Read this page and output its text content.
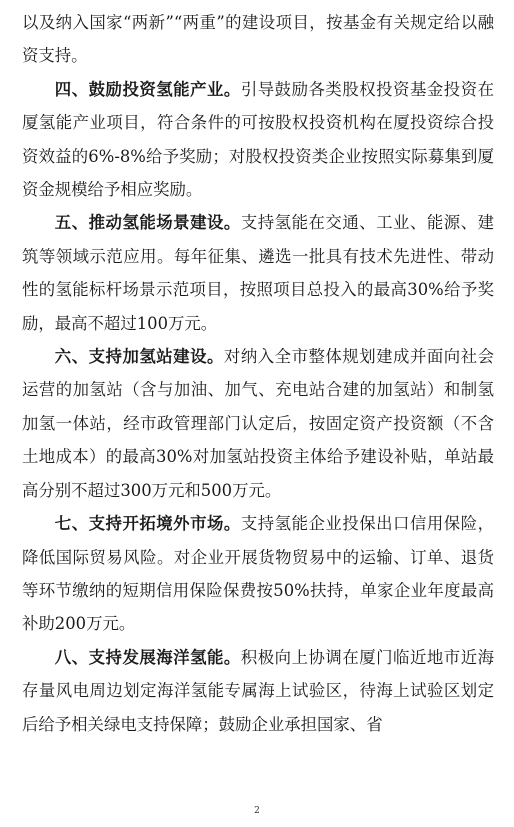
以及纳入国家“两新”“两重”的建设项目，按基金有关规定给以融资支持。

四、鼓励投资氢能产业。引导鼓励各类股权投资基金投资在厦氢能产业项目，符合条件的可按股权投资机构在厦投资综合投资效益的6%-8%给予奖励；对股权投资类企业按照实际募集到厦资金规模给予相应奖励。

五、推动氢能场景建设。支持氢能在交通、工业、能源、建筑等领域示范应用。每年征集、遴选一批具有技术先进性、带动性的氢能标杆场景示范项目，按照项目总投入的最高30%给予奖励，最高不超过100万元。

六、支持加氢站建设。对纳入全市整体规划建成并面向社会运营的加氢站（含与加油、加气、充电站合建的加氢站）和制氢加氢一体站，经市政管理部门认定后，按固定资产投资额（不含土地成本）的最高30%对加氢站投资主体给予建设补贴，单站最高分别不超过300万元和500万元。

七、支持开拓境外市场。支持氢能企业投保出口信用保险，降低国际贸易风险。对企业开展货物贸易中的运输、订单、退货等环节缴纳的短期信用保险保费按50%扶持，单家企业年度最高补助200万元。

八、支持发展海洋氢能。积极向上协调在厦门临近地市近海存量风电周边划定海洋氢能专属海上试验区，待海上试验区划定后给予相关绿电支持保障；鼓励企业承担国家、省

2
